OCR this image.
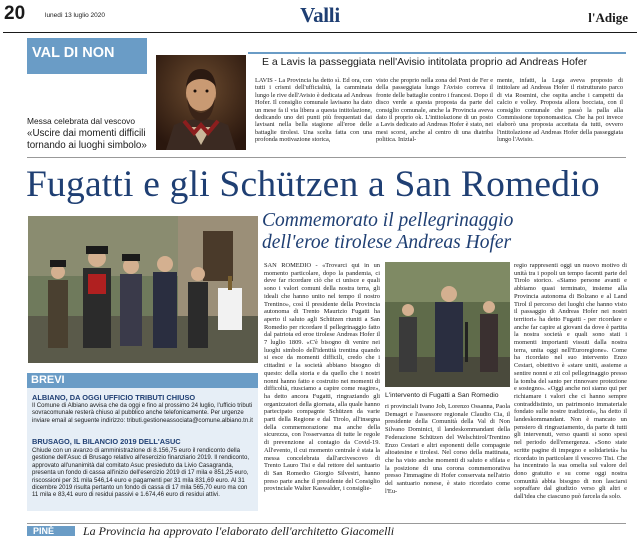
20	lunedì 13 luglio 2020	Valli	l'Adige
VAL DI NON
Messa celebrata dal vescovo
«Uscire dai momenti difficili tornando ai luoghi simbolo»
E a Lavis la passeggiata nell'Avisio intitolata proprio ad Andreas Hofer
LAVIS - La Provincia ha detto sì. Ed ora, con tutti i crismi dell'ufficialità, la camminata lungo le rive dell'Avisio è dedicata ad Andreas Hofer. Il consiglio comunale lavisano ha dato un mese fa il via libera a questa intitolazione, dedicando uno dei punti più frequentati dai lavisani nella bella stagione all'eroe delle battaglie tirolesi. Una scelta fatta con una profonda motivazione storica,
visto che proprio nella zona del Pont de Fer e della passeggiata lungo l'Avisio correva il fronte delle battaglie contro i francesi. Dopo il disco verde a questa proposta da parte del consiglio comunale, anche la Provincia aveva dato il proprio ok. L'intitolazione di un posto a Lavis dedicato ad Andreas Hofer è stato, nei mesi scorsi, anche al centro di una diatriba politica. Inizial-
mente, infatti, la Lega aveva proposto di intitolare ad Andreas Hofer il ristrutturato parco di via Rosmini, che ospita anche i campetti da calcio e volley. Proposta allora bocciata, con il consiglio comunale che passò la palla alla Commissione toponomastica. Che ha poi invece elaborò una proposta accettata da tutti, ovvero l'intitolazione ad Andreas Hofer della passeggiata lungo l'Avisio.
Fugatti e gli Schützen a San Romedio
Commemorato il pellegrinaggio dell'eroe tirolese Andreas Hofer
BREVI
ALBIANO, DA OGGI UFFICIO TRIBUTI CHIUSO
Il Comune di Albiano avvisa che da oggi e fino al prossimo 24 luglio, l'ufficio tributi sovracomunale resterà chiuso al pubblico anche telefonicamente. Per urgenze inviare email al seguente indirizzo: tributi.gestioneassociata@comune.albiano.tn.it
BRUSAGO, IL BILANCIO 2019 DELL'ASUC
Chiude con un avanzo di amministrazione di 8.156,75 euro il rendiconto della gestione dell'Asuc di Brusago relativo all'esercizio finanziario 2019. Il rendiconto, approvato all'unanimità dal comitato Asuc presieduto da Livio Casagranda, presenta un fondo di cassa all'inizio dell'esercizio 2019 di 17 mila e 851,25 euro, riscossioni per 31 mila 546,14 euro e pagamenti per 31 mila 831,69 euro. Al 31 dicembre 2019 risulta pertanto un fondo di cassa di 17 mila 565,70 euro ma con 11 mila e 83,41 euro di residui passivi e 1.674,46 euro di residui attivi.
SAN ROMEDIO - «Trovarci qui in un momento particolare, dopo la pandemia, ci deve far ricordare ciò che ci unisce e quali sono i valori comuni della nostra terra, gli ideali che hanno unito nel tempo il nostro Trentino», così il presidente della Provincia autonoma di Trento Maurizio Fugatti ha aperto il saluto agli Schützen riuniti a San Romedio per ricordare il pellegrinaggio fatto dal patriota ed eroe tirolese Andreas Hofer il 7 luglio 1809. «C'è bisogno di venire nei luoghi simbolo dell'identità trentina quando si esce da momenti difficili, credo che i cittadini e la società abbiano bisogno di questo: della storia e da quello che i nostri nonni hanno fatto e costruito nei momenti di difficoltà, riusciamo a capire come reagire», ha detto ancora Fugatti, ringraziando gli organizzatori della giornata, alla quale hanno partecipato compagnie Schützen da varie parti della Regione e dal Tirolo, all'insegna della commemorazione ma anche della sicurezza, con l'osservanza di tutte le regole di prevenzione al contagio da Covid-19. All'evento, il cui momento centrale è stata la messa concelebrata dall'arcivescovo di Trento Lauro Tisi e dal rettore del santuario di San Romedio Giorgio Silvestri, hanno preso parte anche il presidente del Consiglio provinciale Walter Kaswalder, i consiglie-
L'intervento di Fugatti a San Romedio
ri provinciali Ivano Job, Lorenzo Ossanna, Paola Demagri e l'assessore regionale Claudio Cia, il presidente della Comunità della Val di Non Silvano Dominici, il landeskommandant della Federazione Schützen del Welschtirol/Trentino Enzo Cestari e altri esponenti delle compagnie altoatesine e tirolesi. Nel corso della mattinata, che ha visto anche momenti di saluto e sfilata e la posizione di una corona commemorativa presso l'immagine di Hofer conservata nell'atrio del santuario nonese, è stato ricordato come l'Eu-
regio rappresenti oggi un nuovo motivo di unità tra i popoli un tempo facenti parte del Tirolo storico. «Siamo persone avanti e abbiamo quasi terminato, insieme alla Provincia autonoma di Bolzano e al Land Tirol il percorso dei luoghi che hanno visto il passaggio di Andreas Hofer nei nostri territori» ha detto Fugatti - per ricordare e anche far capire ai giovani da dove è partita la nostra società e quali sono stati i momenti importanti vissuti dalla nostra terra, unita oggi nell'Euroregione». Come ha ricordato nel suo intervento Enzo Cestari, obiettivo è «stare uniti, assieme a sentire nonni e zii col pellegrinaggio presso la tomba del santo per rinnovare protezione e sostegno». «Oggi anche noi siamo qui per richiamare i valori che ci hanno sempre contraddistinto, un patrimonio immateriale fondato sulle nostre tradizioni», ha detto il landeskommandant. Non è mancato un pensiero di ringraziamento, da parte di tutti gli intervenuti, verso quanti si sono spesi nel periodo dell'emergenza. «Sono state scritte pagine di impegno e solidarietà» ha ricordato in particolare il vescovo Tisi. Che ha incentrato la sua omelia sul valore del dono gratuito e su come oggi nostra comunità abbia bisogno di non lasciarsi sopraffare dal giudizio verso gli altri e dall'idea che ciascuno può farcela da solo.
PINÈ La Provincia ha approvato l'elaborato dell'architetto Giacomelli
